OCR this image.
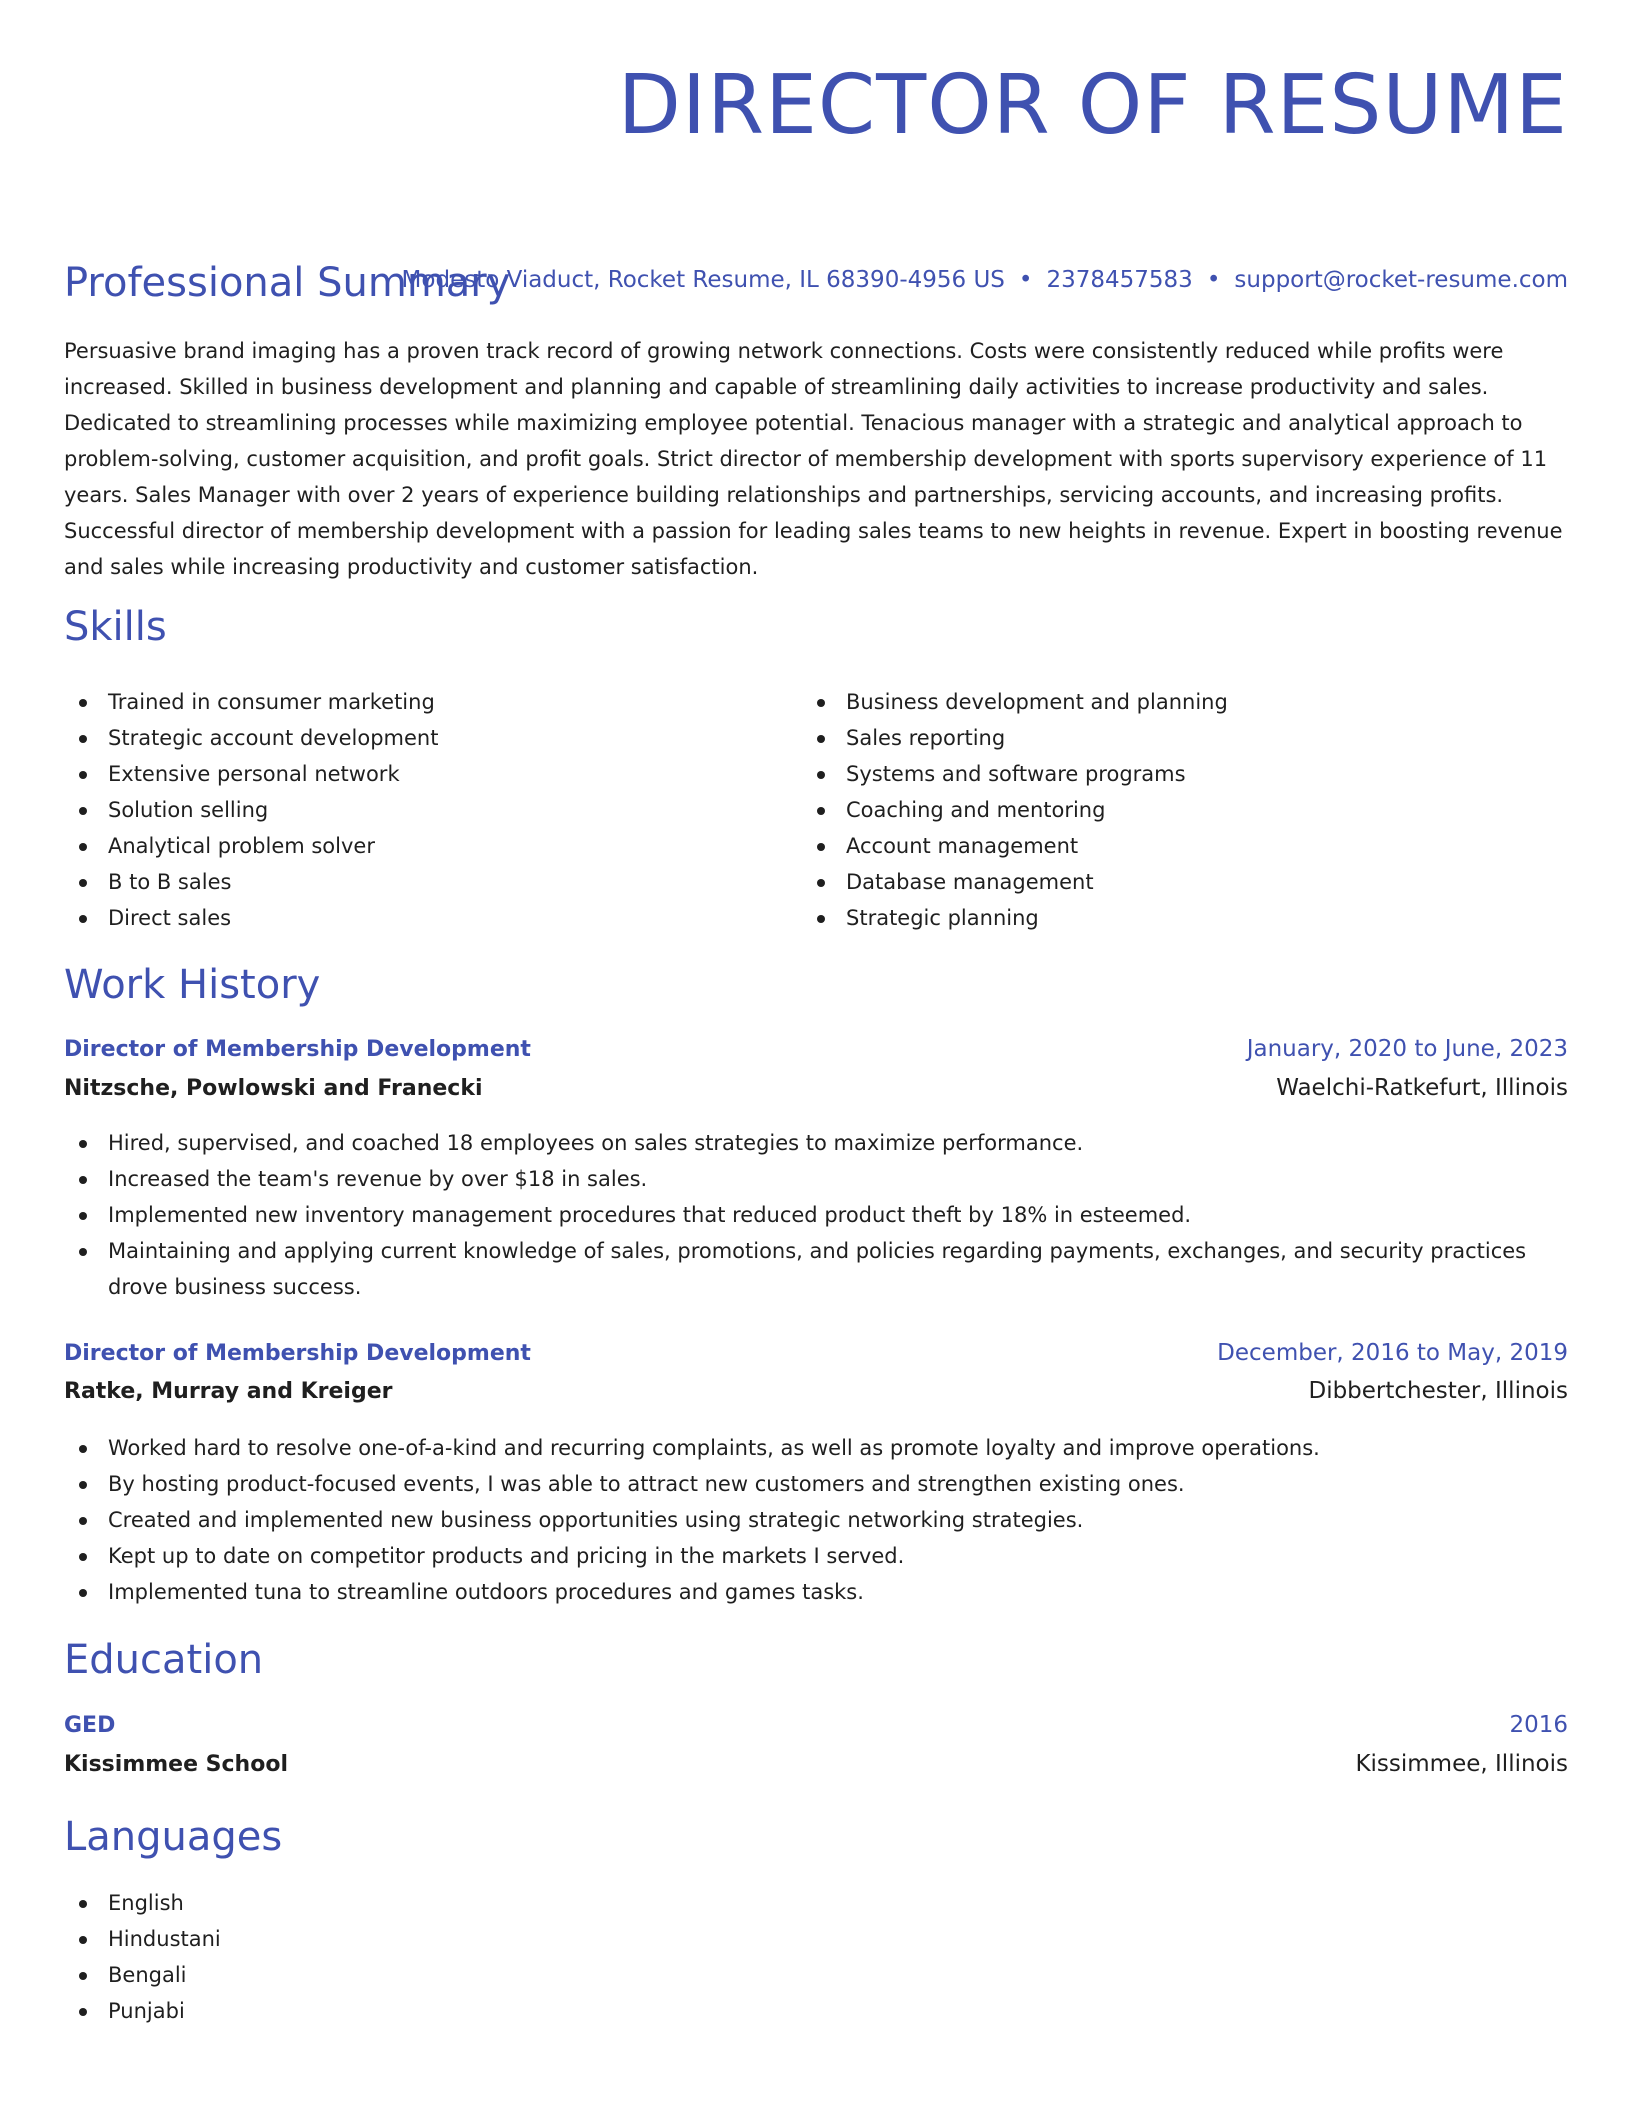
DIRECTOR OF RESUME
Modesto Viaduct, Rocket Resume, IL 68390-4956 US • 2378457583 • support@rocket-resume.com
Professional Summary

Persuasive brand imaging has a proven track record of growing network connections. Costs were consistently reduced while profits were increased. Skilled in business development and planning and capable of streamlining daily activities to increase productivity and sales. Dedicated to streamlining processes while maximizing employee potential. Tenacious manager with a strategic and analytical approach to problem-solving, customer acquisition, and profit goals. Strict director of membership development with sports supervisory experience of 11 years. Sales Manager with over 2 years of experience building relationships and partnerships, servicing accounts, and increasing profits. Successful director of membership development with a passion for leading sales teams to new heights in revenue. Expert in boosting revenue and sales while increasing productivity and customer satisfaction.

Skills
Trained in consumer marketing
Strategic account development
Extensive personal network
Solution selling
Analytical problem solver
B to B sales
Direct sales
Business development and planning
Sales reporting
Systems and software programs
Coaching and mentoring
Account management
Database management
Strategic planning
Work History
Director of Membership Development	January, 2020 to June, 2023
Nitzsche, Powlowski and Franecki	Waelchi-Ratkefurt, Illinois
Hired, supervised, and coached 18 employees on sales strategies to maximize performance.
Increased the team's revenue by over $18 in sales.
Implemented new inventory management procedures that reduced product theft by 18% in esteemed.
Maintaining and applying current knowledge of sales, promotions, and policies regarding payments, exchanges, and security practices drove business success.
Director of Membership Development	December, 2016 to May, 2019
Ratke, Murray and Kreiger	Dibbertchester, Illinois
Worked hard to resolve one-of-a-kind and recurring complaints, as well as promote loyalty and improve operations.
By hosting product-focused events, I was able to attract new customers and strengthen existing ones.
Created and implemented new business opportunities using strategic networking strategies.
Kept up to date on competitor products and pricing in the markets I served.
Implemented tuna to streamline outdoors procedures and games tasks.
Education
GED	2016
Kissimmee School	Kissimmee, Illinois
Languages
English
Hindustani
Bengali
Punjabi
